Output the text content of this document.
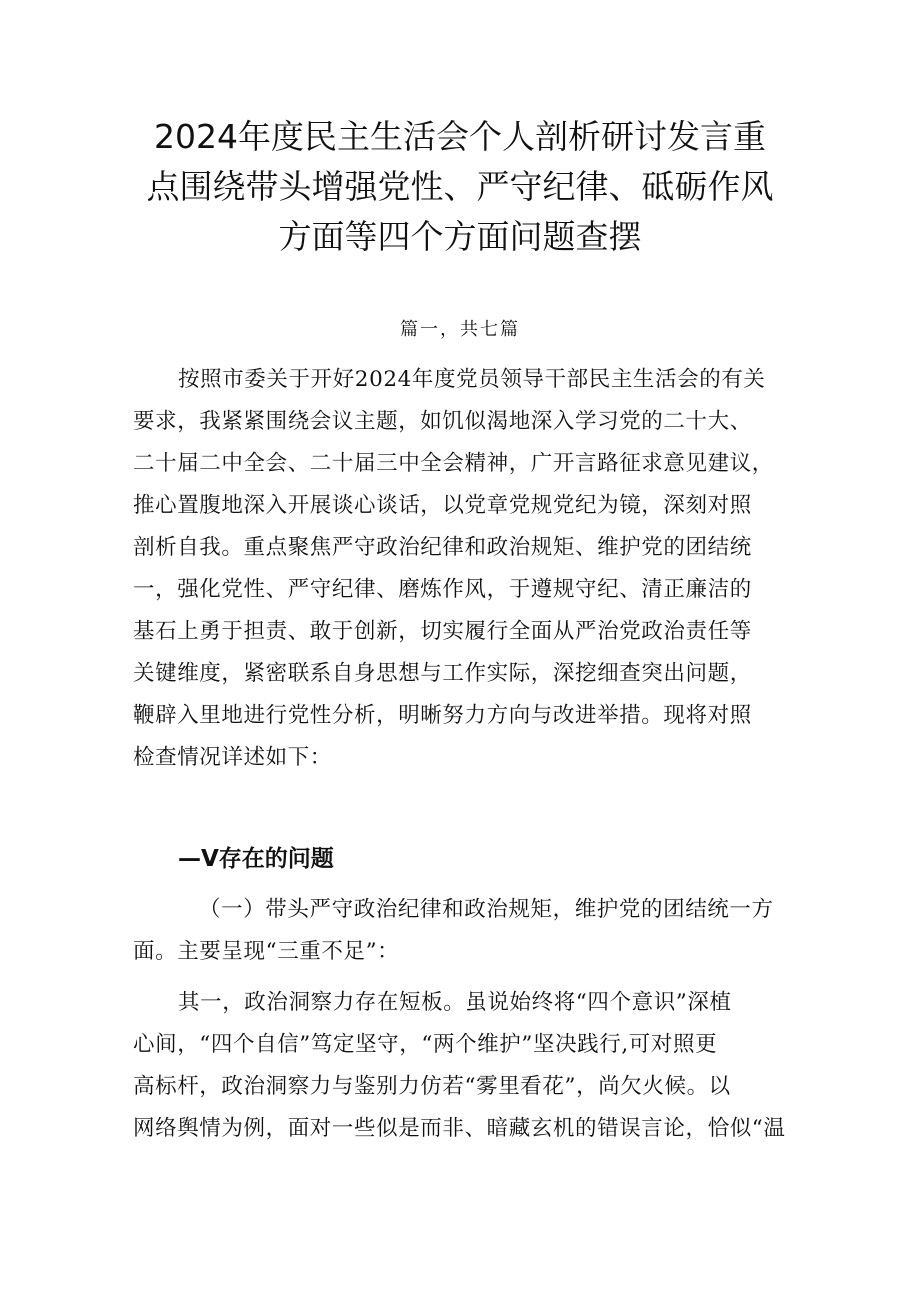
2024年度民主生活会个人剖析研讨发言重
点围绕带头增强党性、严守纪律、砥砺作风
方面等四个方面问题查摆
篇一，共七篇
按照市委关于开好2024年度党员领导干部民主生活会的有关
要求，我紧紧围绕会议主题，如饥似渴地深入学习党的二十大、
二十届二中全会、二十届三中全会精神，广开言路征求意见建议，
推心置腹地深入开展谈心谈话，以党章党规党纪为镜，深刻对照
剖析自我。重点聚焦严守政治纪律和政治规矩、维护党的团结统
一，强化党性、严守纪律、磨炼作风，于遵规守纪、清正廉洁的
基石上勇于担责、敢于创新，切实履行全面从严治党政治责任等
关键维度，紧密联系自身思想与工作实际，深挖细查突出问题，
鞭辟入里地进行党性分析，明晰努力方向与改进举措。现将对照
检查情况详述如下：
—V存在的问题
（一）带头严守政治纪律和政治规矩，维护党的团结统一方
面。主要呈现“三重不足”：
其一，政治洞察力存在短板。虽说始终将“四个意识”深植
心间，“四个自信”笃定坚守，“两个维护”坚决践行,可对照更
高标杆，政治洞察力与鉴别力仿若“雾里看花”，尚欠火候。以
网络舆情为例，面对一些似是而非、暗藏玄机的错误言论，恰似“温
